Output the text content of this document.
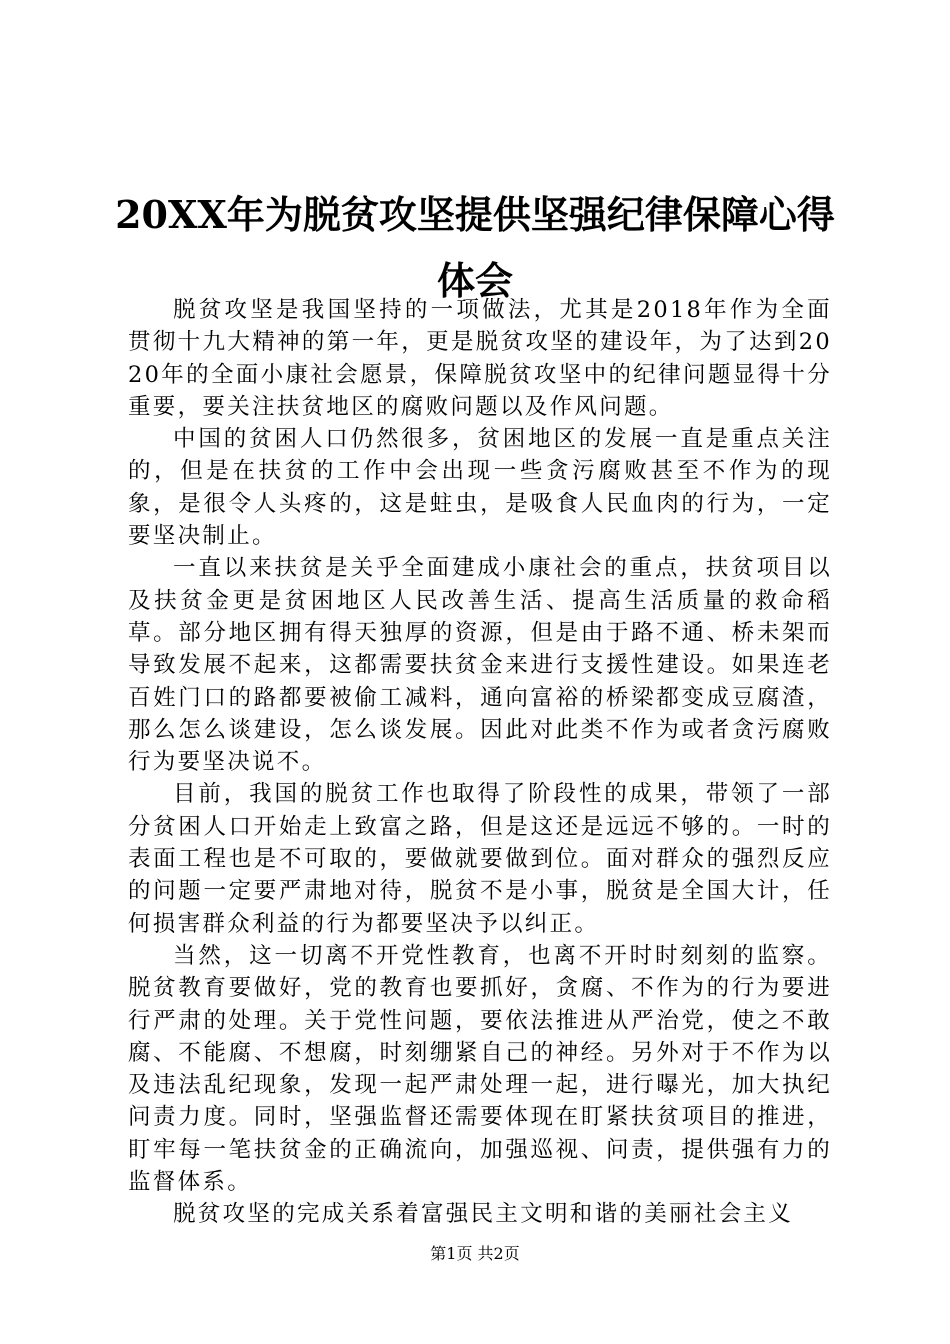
20XX年为脱贫攻坚提供坚强纪律保障心得体会

脱贫攻坚是我国坚持的一项做法，尤其是2018年作为全面贯彻十九大精神的第一年，更是脱贫攻坚的建设年，为了达到2020年的全面小康社会愿景，保障脱贫攻坚中的纪律问题显得十分重要，要关注扶贫地区的腐败问题以及作风问题。

中国的贫困人口仍然很多，贫困地区的发展一直是重点关注的，但是在扶贫的工作中会出现一些贪污腐败甚至不作为的现象，是很令人头疼的，这是蛀虫，是吸食人民血肉的行为，一定要坚决制止。

一直以来扶贫是关乎全面建成小康社会的重点，扶贫项目以及扶贫金更是贫困地区人民改善生活、提高生活质量的救命稻草。部分地区拥有得天独厚的资源，但是由于路不通、桥未架而导致发展不起来，这都需要扶贫金来进行支援性建设。如果连老百姓门口的路都要被偷工减料，通向富裕的桥梁都变成豆腐渣，那么怎么谈建设，怎么谈发展。因此对此类不作为或者贪污腐败行为要坚决说不。

目前，我国的脱贫工作也取得了阶段性的成果，带领了一部分贫困人口开始走上致富之路，但是这还是远远不够的。一时的表面工程也是不可取的，要做就要做到位。面对群众的强烈反应的问题一定要严肃地对待，脱贫不是小事，脱贫是全国大计，任何损害群众利益的行为都要坚决予以纠正。

当然，这一切离不开党性教育，也离不开时时刻刻的监察。脱贫教育要做好，党的教育也要抓好，贪腐、不作为的行为要进行严肃的处理。关于党性问题，要依法推进从严治党，使之不敢腐、不能腐、不想腐，时刻绷紧自己的神经。另外对于不作为以及违法乱纪现象，发现一起严肃处理一起，进行曝光，加大执纪问责力度。同时，坚强监督还需要体现在盯紧扶贫项目的推进，盯牢每一笔扶贫金的正确流向，加强巡视、问责，提供强有力的监督体系。

脱贫攻坚的完成关系着富强民主文明和谐的美丽社会主义

第1页 共2页
